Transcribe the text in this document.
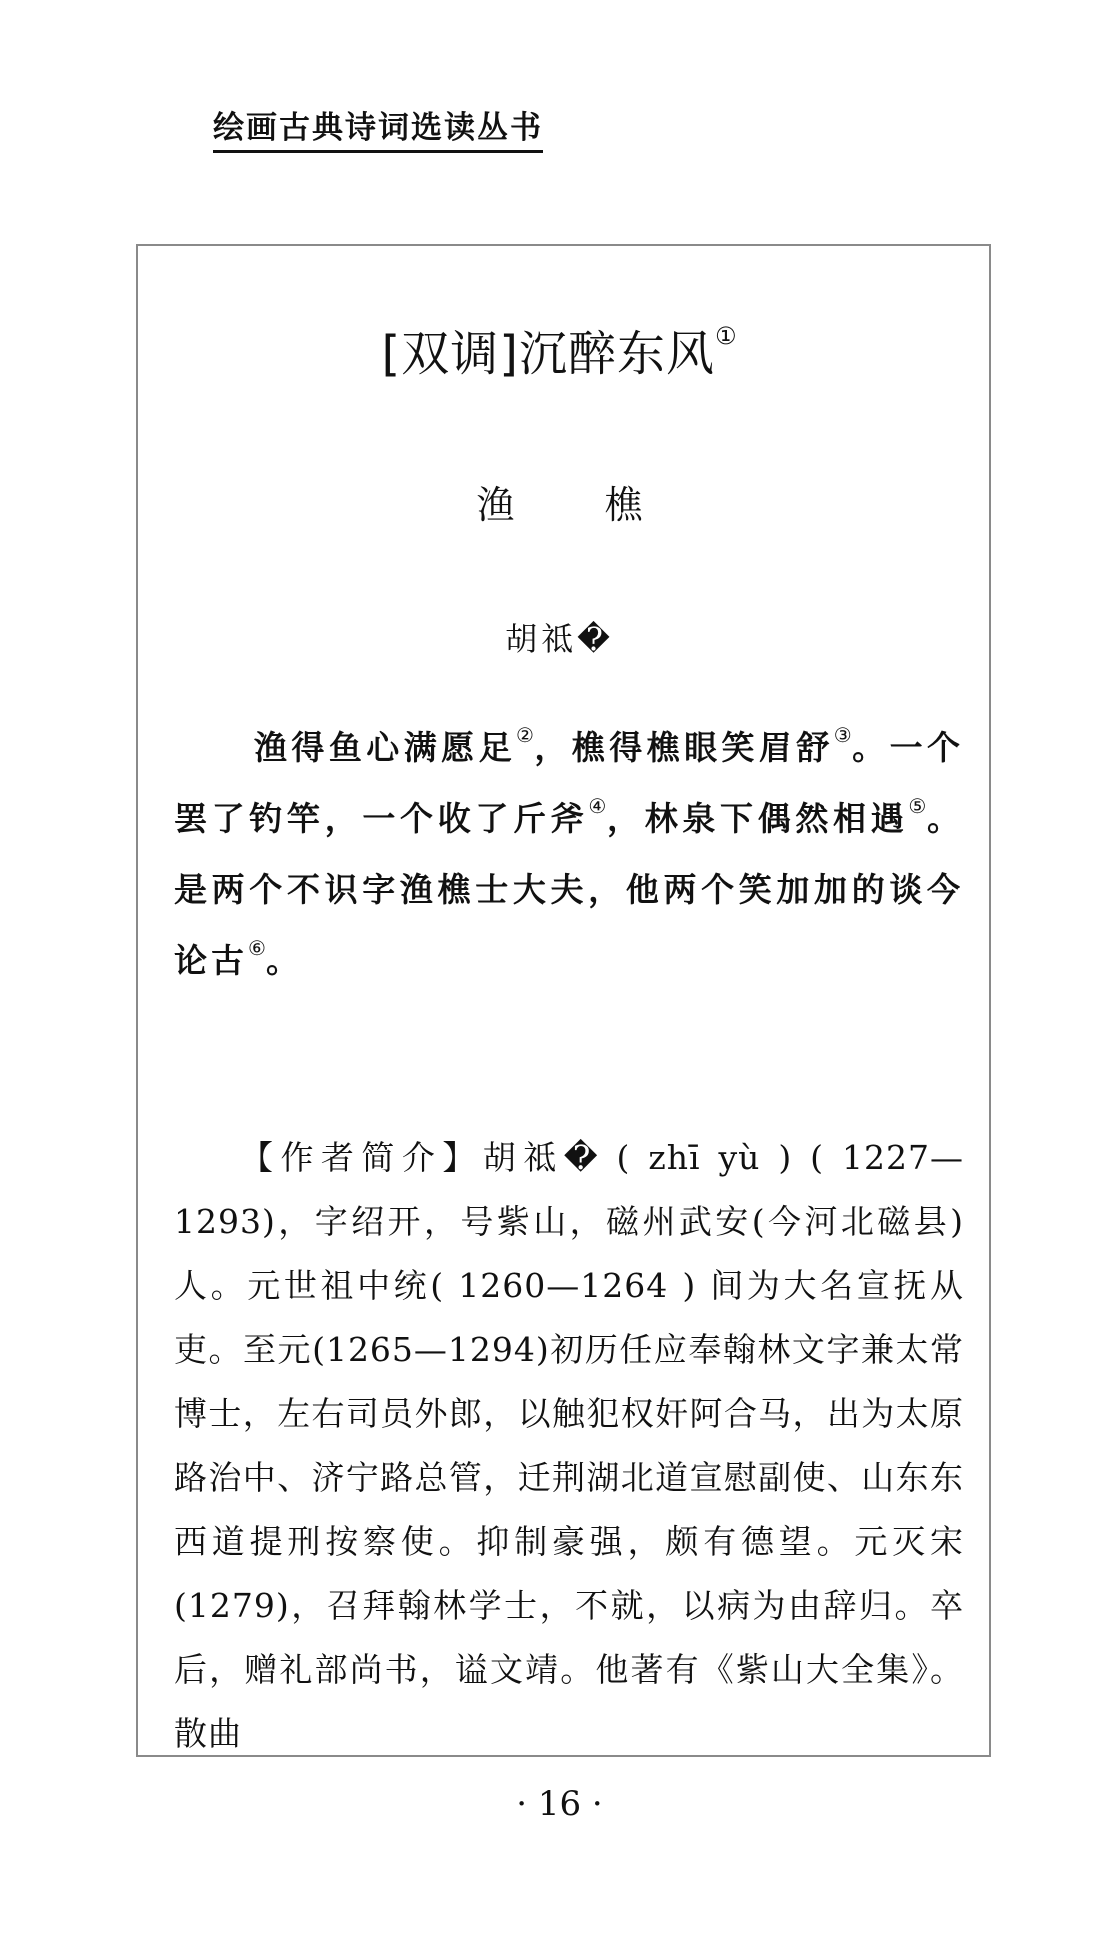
绘画古典诗词选读丛书
[双调]沉醉东风①
渔　樵
胡祗�

渔得鱼心满愿足②，樵得樵眼笑眉舒③。一个罢了钓竿，一个收了斤斧④，林泉下偶然相遇⑤。是两个不识字渔樵士大夫，他两个笑加加的谈今论古⑥。

【作者简介】胡祗� ( zhī yù ) ( 1227—1293)，字绍开，号紫山，磁州武安(今河北磁县)人。元世祖中统( 1260—1264 ) 间为大名宣抚从吏。至元(1265—1294)初历任应奉翰林文字兼太常博士，左右司员外郎，以触犯权奸阿合马，出为太原路治中、济宁路总管，迁荆湖北道宣慰副使、山东东西道提刑按察使。抑制豪强，颇有德望。元灭宋(1279)，召拜翰林学士，不就，以病为由辞归。卒后，赠礼部尚书，谥文靖。他著有《紫山大全集》。散曲

· 16 ·
